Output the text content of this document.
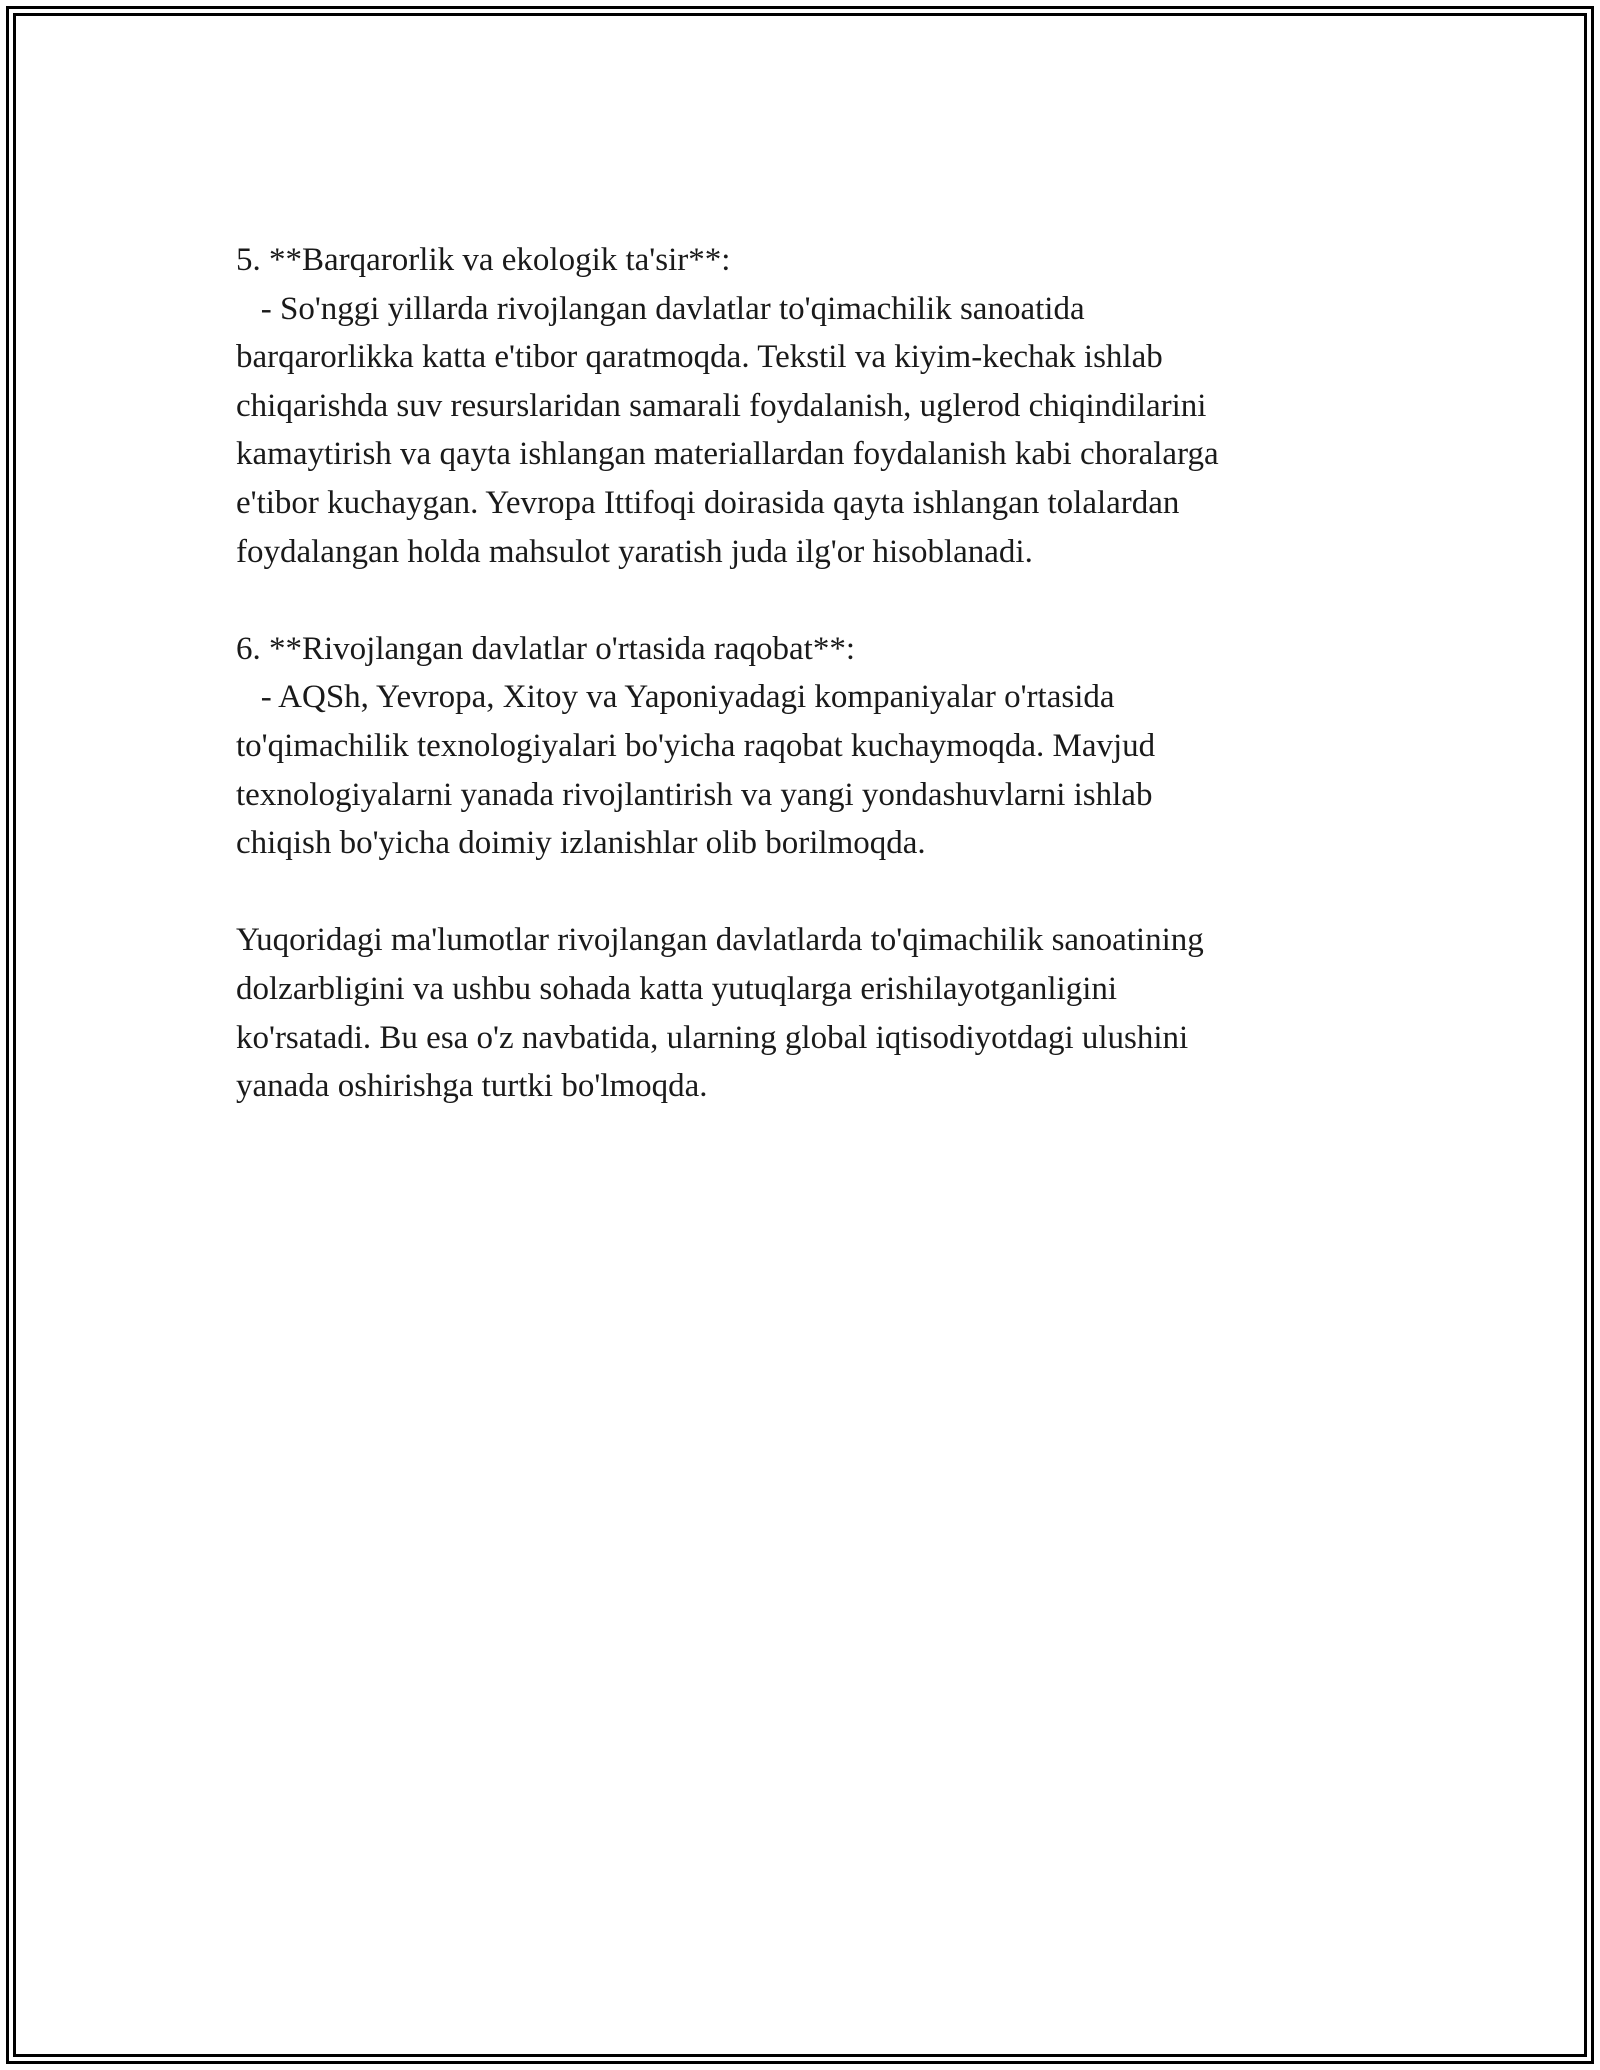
5. **Barqarorlik va ekologik ta'sir**:
- So'nggi yillarda rivojlangan davlatlar to'qimachilik sanoatida
barqarorlikka katta e'tibor qaratmoqda. Tekstil va kiyim-kechak ishlab
chiqarishda suv resurslaridan samarali foydalanish, uglerod chiqindilarini
kamaytirish va qayta ishlangan materiallardan foydalanish kabi choralarga
e'tibor kuchaygan. Yevropa Ittifoqi doirasida qayta ishlangan tolalardan
foydalangan holda mahsulot yaratish juda ilg'or hisoblanadi.

6. **Rivojlangan davlatlar o'rtasida raqobat**:
- AQSh, Yevropa, Xitoy va Yaponiyadagi kompaniyalar o'rtasida
to'qimachilik texnologiyalari bo'yicha raqobat kuchaymoqda. Mavjud
texnologiyalarni yanada rivojlantirish va yangi yondashuvlarni ishlab
chiqish bo'yicha doimiy izlanishlar olib borilmoqda.

Yuqoridagi ma'lumotlar rivojlangan davlatlarda to'qimachilik sanoatining
dolzarbligini va ushbu sohada katta yutuqlarga erishilayotganligini
ko'rsatadi. Bu esa o'z navbatida, ularning global iqtisodiyotdagi ulushini
yanada oshirishga turtki bo'lmoqda.
